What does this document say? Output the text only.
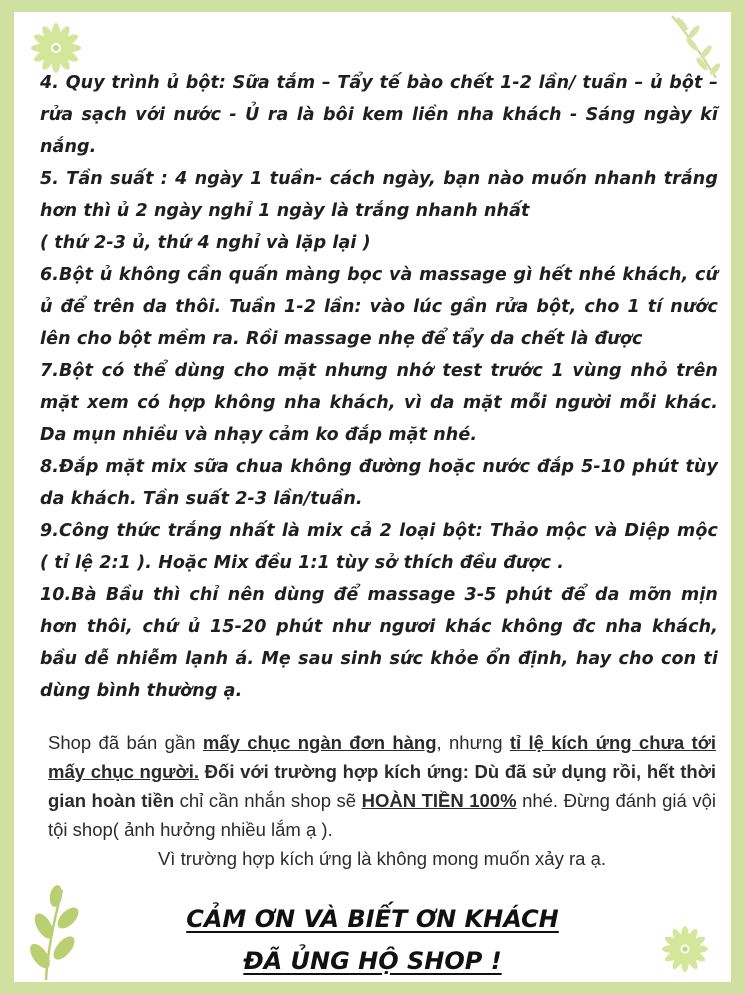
4. Quy trình ủ bột: Sữa tắm – Tẩy tế bào chết 1-2 lần/ tuần – ủ bột – rửa sạch với nước - Ủ ra là bôi kem liền nha khách - Sáng ngày kĩ nắng.

5. Tần suất : 4 ngày 1 tuần- cách ngày, bạn nào muốn nhanh trắng hơn thì ủ 2 ngày nghỉ 1 ngày là trắng nhanh nhất

( thứ 2-3 ủ, thứ 4 nghỉ và lặp lại )

6.Bột ủ không cần quấn màng bọc và massage gì hết nhé khách, cứ ủ để trên da thôi. Tuần 1-2 lần: vào lúc gần rửa bột, cho 1 tí nước lên cho bột mềm ra. Rồi massage nhẹ để tẩy da chết là được

7.Bột có thể dùng cho mặt nhưng nhớ test trước 1 vùng nhỏ trên mặt xem có hợp không nha khách, vì da mặt mỗi người mỗi khác. Da mụn nhiều và nhạy cảm ko đắp mặt nhé.

8.Đắp mặt mix sữa chua không đường hoặc nước đắp 5-10 phút tùy da khách. Tần suất 2-3 lần/tuần.

9.Công thức trắng nhất là mix cả 2 loại bột: Thảo mộc và Diệp mộc ( tỉ lệ 2:1 ). Hoặc Mix đều 1:1 tùy sở thích đều được .

10.Bà Bầu thì chỉ nên dùng để massage 3-5 phút để da mỡn mịn hơn thôi, chứ ủ 15-20 phút như ngươi khác không đc nha khách, bầu dễ nhiễm lạnh á. Mẹ sau sinh sức khỏe ổn định, hay cho con ti dùng bình thường ạ.

Shop đã bán gần mấy chục ngàn đơn hàng, nhưng tỉ lệ kích ứng chưa tới mấy chục người. Đối với trường hợp kích ứng: Dù đã sử dụng rồi, hết thời gian hoàn tiền chỉ cần nhắn shop sẽ HOÀN TIỀN 100% nhé. Đừng đánh giá vội tội shop( ảnh hưởng nhiều lắm ạ ).

Vì trường hợp kích ứng là không mong muốn xảy ra ạ.

CẢM ƠN VÀ BIẾT ƠN KHÁCH
ĐÃ ỦNG HỘ SHOP !
